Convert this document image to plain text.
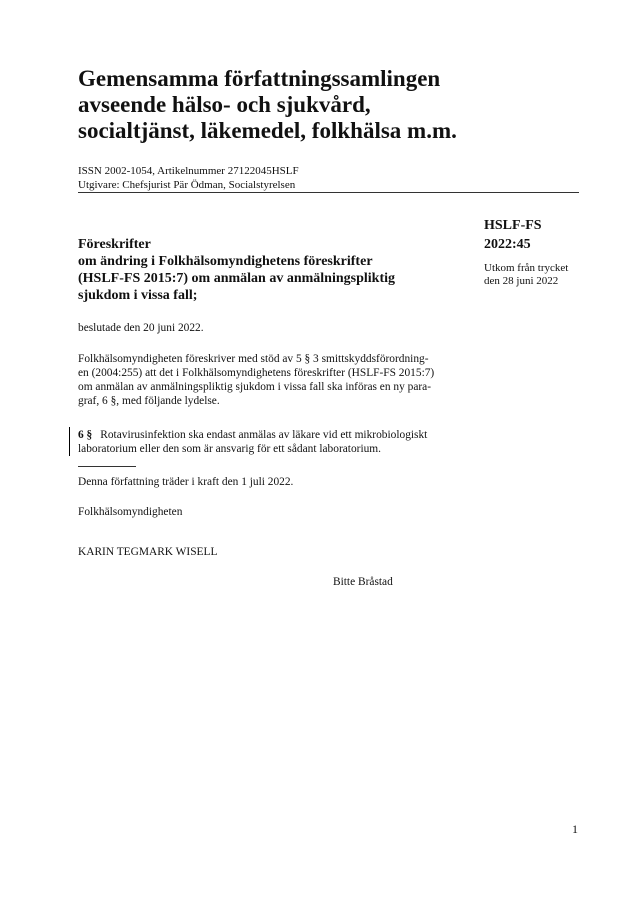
Gemensamma författningssamlingen
avseende hälso- och sjukvård,
socialtjänst, läkemedel, folkhälsa m.m.
ISSN 2002-1054, Artikelnummer 27122045HSLF
Utgivare: Chefsjurist Pär Ödman, Socialstyrelsen
HSLF-FS
2022:45
Utkom från trycket
den 28 juni 2022
Föreskrifter
om ändring i Folkhälsomyndighetens föreskrifter
(HSLF-FS 2015:7) om anmälan av anmälningspliktig
sjukdom i vissa fall;
beslutade den 20 juni 2022.
Folkhälsomyndigheten föreskriver med stöd av 5 § 3 smittskyddsförordning-
en (2004:255) att det i Folkhälsomyndighetens föreskrifter (HSLF-FS 2015:7)
om anmälan av anmälningspliktig sjukdom i vissa fall ska införas en ny para-
graf, 6 §, med följande lydelse.
6 § Rotavirusinfektion ska endast anmälas av läkare vid ett mikrobiologiskt
laboratorium eller den som är ansvarig för ett sådant laboratorium.
Denna författning träder i kraft den 1 juli 2022.
Folkhälsomyndigheten
KARIN TEGMARK WISELL
Bitte Bråstad
1
